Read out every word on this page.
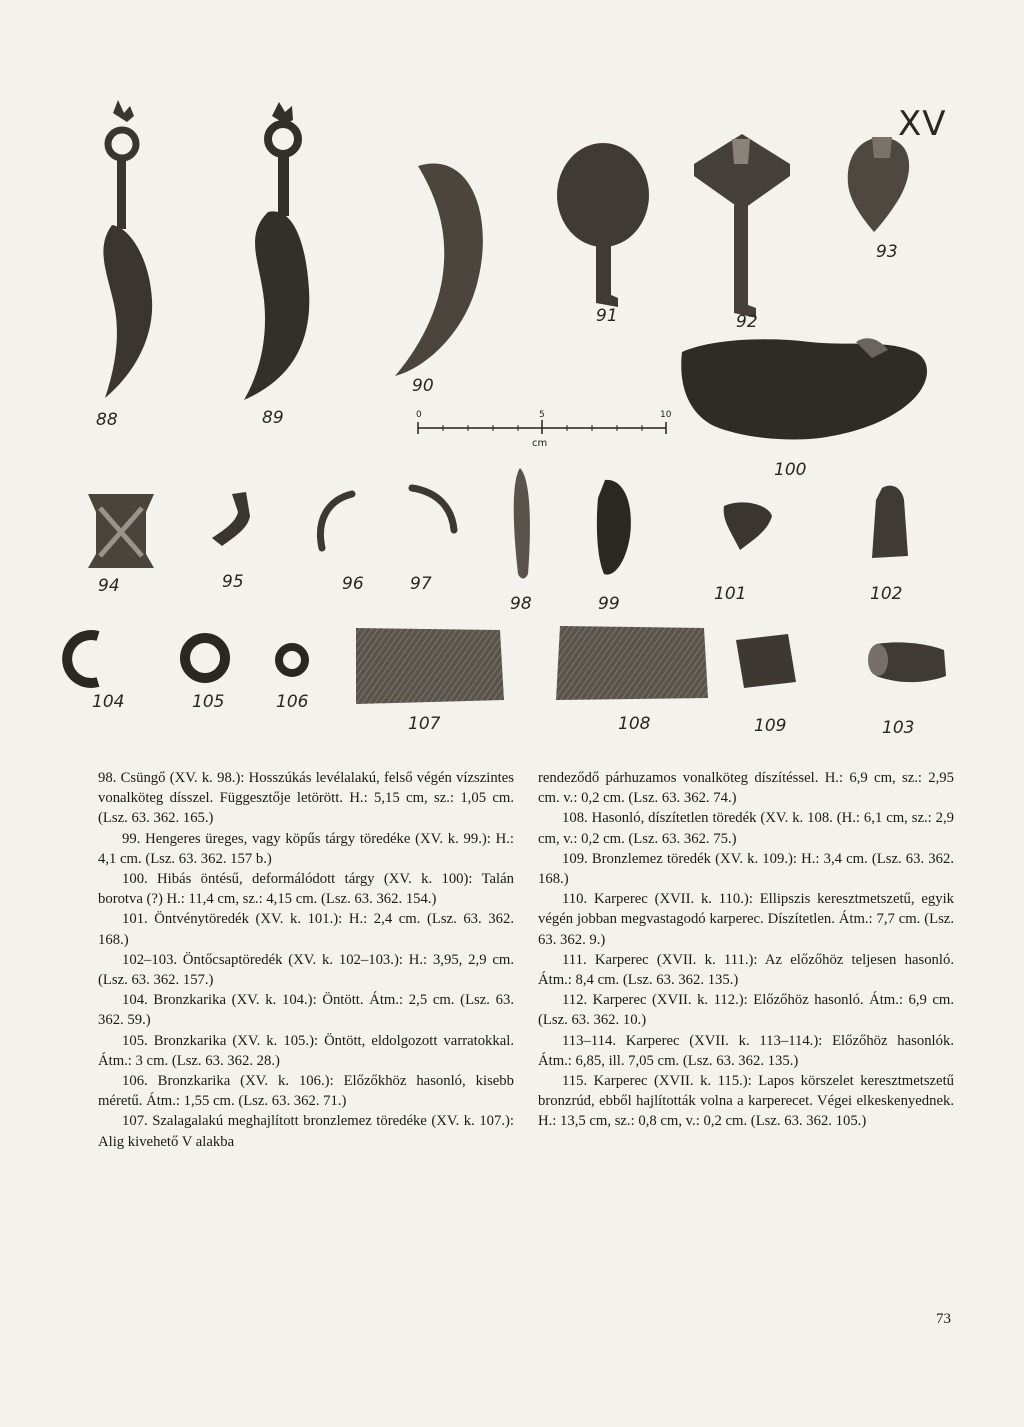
XV
0	5	10
cm
88	89
90
91	92
93
100
94	95	96	97
98	99	101	102
104	105	106
107	108	109	103

98. Csüngő (XV. k. 98.): Hosszúkás levélalakú, felső végén vízszintes vonalköteg dísszel. Függesztője letörött. H.: 5,15 cm, sz.: 1,05 cm. (Lsz. 63. 362. 165.)

99. Hengeres üreges, vagy köpűs tárgy töredéke (XV. k. 99.): H.: 4,1 cm. (Lsz. 63. 362. 157 b.)

100. Hibás öntésű, deformálódott tárgy (XV. k. 100): Talán borotva (?) H.: 11,4 cm, sz.: 4,15 cm. (Lsz. 63. 362. 154.)

101. Öntvénytöredék (XV. k. 101.): H.: 2,4 cm. (Lsz. 63. 362. 168.)

102–103. Öntőcsaptöredék (XV. k. 102–103.): H.: 3,95, 2,9 cm. (Lsz. 63. 362. 157.)

104. Bronzkarika (XV. k. 104.): Öntött. Átm.: 2,5 cm. (Lsz. 63. 362. 59.)

105. Bronzkarika (XV. k. 105.): Öntött, eldolgozott varratokkal. Átm.: 3 cm. (Lsz. 63. 362. 28.)

106. Bronzkarika (XV. k. 106.): Előzőkhöz hasonló, kisebb méretű. Átm.: 1,55 cm. (Lsz. 63. 362. 71.)

107. Szalagalakú meghajlított bronzlemez töredéke (XV. k. 107.): Alig kivehető V alakba

rendeződő párhuzamos vonalköteg díszítéssel. H.: 6,9 cm, sz.: 2,95 cm. v.: 0,2 cm. (Lsz. 63. 362. 74.)

108. Hasonló, díszítetlen töredék (XV. k. 108. (H.: 6,1 cm, sz.: 2,9 cm, v.: 0,2 cm. (Lsz. 63. 362. 75.)

109. Bronzlemez töredék (XV. k. 109.): H.: 3,4 cm. (Lsz. 63. 362. 168.)

110. Karperec (XVII. k. 110.): Ellipszis keresztmetszetű, egyik végén jobban megvastagodó karperec. Díszítetlen. Átm.: 7,7 cm. (Lsz. 63. 362. 9.)

111. Karperec (XVII. k. 111.): Az előzőhöz teljesen hasonló. Átm.: 8,4 cm. (Lsz. 63. 362. 135.)

112. Karperec (XVII. k. 112.): Előzőhöz hasonló. Átm.: 6,9 cm. (Lsz. 63. 362. 10.)

113–114. Karperec (XVII. k. 113–114.): Előzőhöz hasonlók. Átm.: 6,85, ill. 7,05 cm. (Lsz. 63. 362. 135.)

115. Karperec (XVII. k. 115.): Lapos körszelet keresztmetszetű bronzrúd, ebből hajlították volna a karperecet. Végei elkeskenyednek. H.: 13,5 cm, sz.: 0,8 cm, v.: 0,2 cm. (Lsz. 63. 362. 105.)

73
